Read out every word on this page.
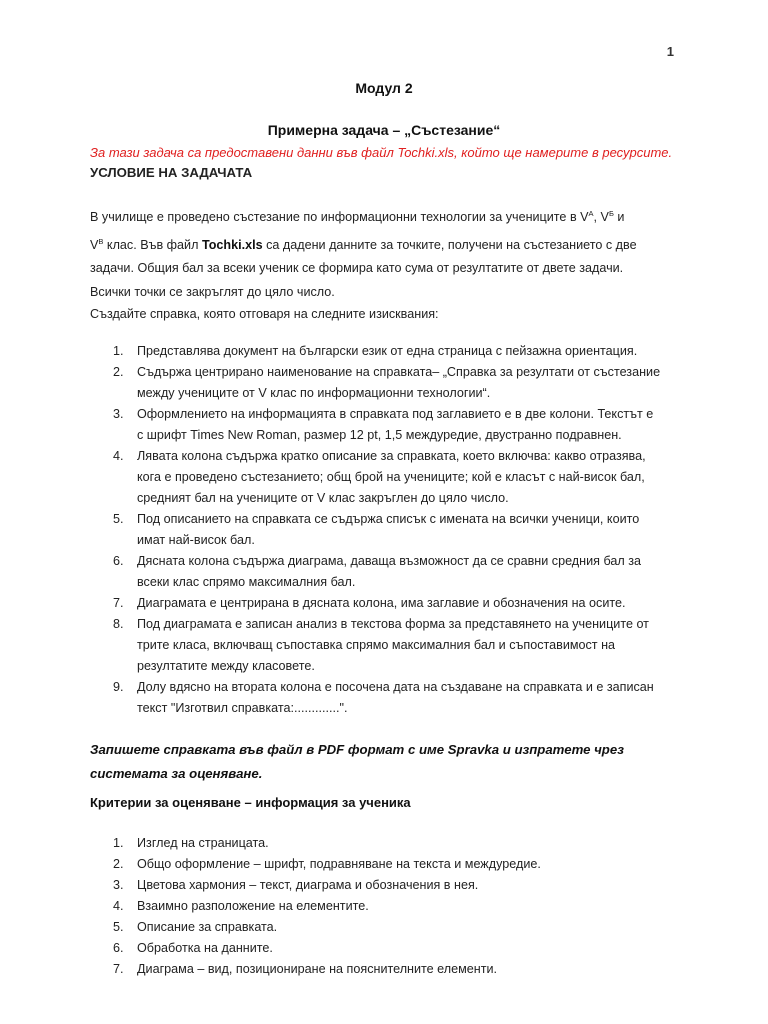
1
Модул 2
Примерна задача – „Състезание“
За тази задача са предоставени данни във файл Tochki.xls, който ще намерите в ресурсите.
УСЛОВИЕ НА ЗАДАЧАТА
В училище е проведено състезание по информационни технологии за учениците в $V^А$, $V^Б$ и
$V^В$ клас. Във файл Tochki.xls са дадени данните за точките, получени на състезанието с две
задачи. Общия бал за всеки ученик се формира като сума от резултатите от двете задачи.
Всички точки се закръглят до цяло число.
Създайте справка, която отговаря на следните изисквания:
1. Представлява документ на български език от една страница с пейзажна ориентация.
2. Съдържа центрирано наименование на справката– „Справка за резултати от състезание
между учениците от V клас по информационни технологии“.
3. Оформлението на информацията в справката под заглавието е в две колони. Текстът е
с шрифт Times New Roman, размер 12 pt, 1,5 междуредие, двустранно подравнен.
4. Лявата колона съдържа кратко описание за справката, което включва: какво отразява,
кога е проведено състезанието; общ брой на учениците; кой е класът с най-висок бал,
средният бал на учениците от V клас закръглен до цяло число.
5. Под описанието на справката се съдържа списък с имената на всички ученици, които
имат най-висок бал.
6. Дясната колона съдържа диаграма, даваща възможност да се сравни средния бал за
всеки клас спрямо максималния бал.
7. Диаграмата е центрирана в дясната колона, има заглавие и обозначения на осите.
8. Под диаграмата е записан анализ в текстова форма за представянето на учениците от
трите класа, включващ съпоставка спрямо максималния бал и съпоставимост на
резултатите между класовете.
9. Долу вдясно на втората колона е посочена дата на създаване на справката и е записан
текст "Изготвил справката:.............".
Запишете справката във файл в PDF формат с име Spravka и изпратете чрез
системата за оценяване.
Критерии за оценяване – информация за ученика
1. Изглед на страницата.
2. Общо оформление – шрифт, подравняване на текста и междуредие.
3. Цветова хармония – текст, диаграма и обозначения в нея.
4. Взаимно разположение на елементите.
5. Описание за справката.
6. Обработка на данните.
7. Диаграма – вид, позициониране на пояснителните елементи.
